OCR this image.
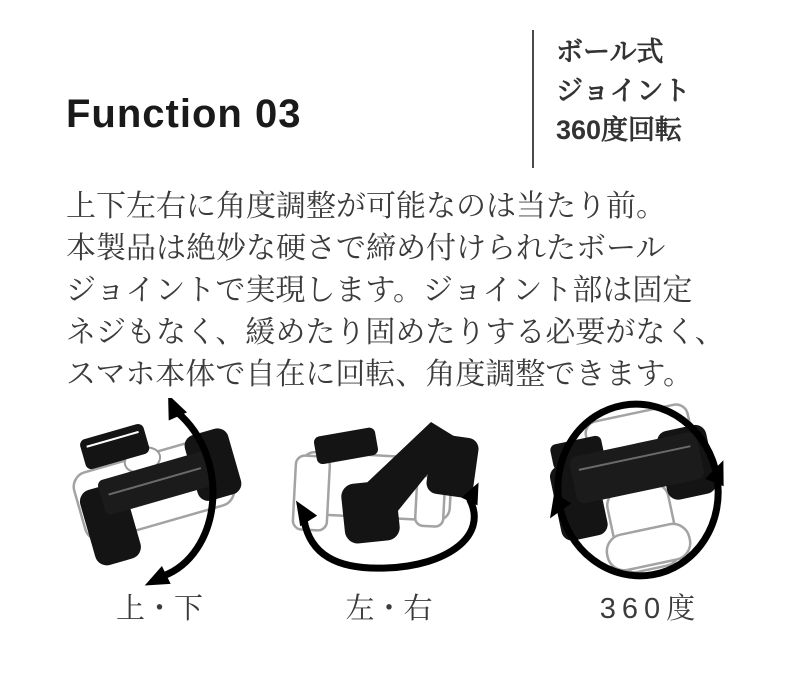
Function 03
ボール式
ジョイント
360度回転
上下左右に角度調整が可能なのは当たり前。
本製品は絶妙な硬さで締め付けられたボール
ジョイントで実現します。ジョイント部は固定
ネジもなく、緩めたり固めたりする必要がなく、
スマホ本体で自在に回転、角度調整できます。
上・下	左・右	360度
